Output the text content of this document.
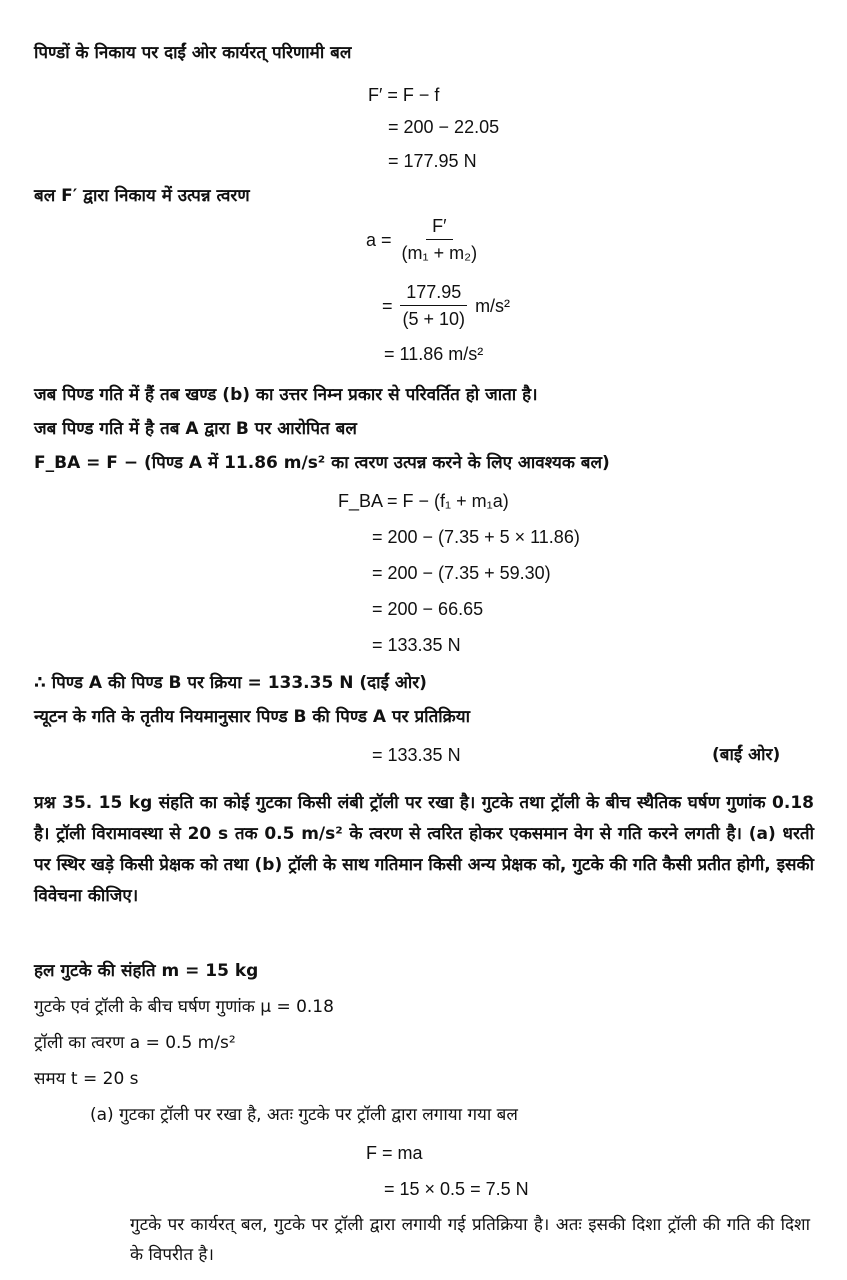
पिण्डों के निकाय पर दाईं ओर कार्यरत् परिणामी बल
F′ = F − f
= 200 − 22.05
= 177.95 N
बल F′ द्वारा निकाय में उत्पन्न त्वरण
$a = \frac{F'}{\text{(m₁ + m₂)}}$
= $\frac{177.95}{(5 + 10)} m/s^2$
= 11.86 m/s²
जब पिण्ड गति में हैं तब खण्ड (b) का उत्तर निम्न प्रकार से परिवर्तित हो जाता है।
जब पिण्ड गति में है तब A द्वारा B पर आरोपित बल
F_BA = F − (पिण्ड A में 11.86 m/s² का त्वरण उत्पन्न करने के लिए आवश्यक बल)
F_BA = F − (f₁ + m₁a)
= 200 − (7.35 + 5 × 11.86)
= 200 − (7.35 + 59.30)
= 200 − 66.65
= 133.35 N
∴ पिण्ड A की पिण्ड B पर क्रिया = 133.35 N (दाईं ओर)
न्यूटन के गति के तृतीय नियमानुसार पिण्ड B की पिण्ड A पर प्रतिक्रिया
= 133.35 N	(बाईं ओर)
प्रश्न 35. 15 kg संहति का कोई गुटका किसी लंबी ट्रॉली पर रखा है। गुटके तथा ट्रॉली के बीच स्थैतिक घर्षण गुणांक 0.18 है। ट्रॉली विरामावस्था से 20 s तक 0.5 m/s² के त्वरण से त्वरित होकर एकसमान वेग से गति करने लगती है। (a) धरती पर स्थिर खड़े किसी प्रेक्षक को तथा (b) ट्रॉली के साथ गतिमान किसी अन्य प्रेक्षक को, गुटके की गति कैसी प्रतीत होगी, इसकी विवेचना कीजिए।
हल गुटके की संहति m = 15 kg
गुटके एवं ट्रॉली के बीच घर्षण गुणांक μ = 0.18
ट्रॉली का त्वरण a = 0.5 m/s²
समय t = 20 s
(a) गुटका ट्रॉली पर रखा है, अतः गुटके पर ट्रॉली द्वारा लगाया गया बल
F = ma
= 15 × 0.5 = 7.5 N
गुटके पर कार्यरत् बल, गुटके पर ट्रॉली द्वारा लगायी गई प्रतिक्रिया है। अतः इसकी दिशा ट्रॉली की गति की दिशा के विपरीत है।
